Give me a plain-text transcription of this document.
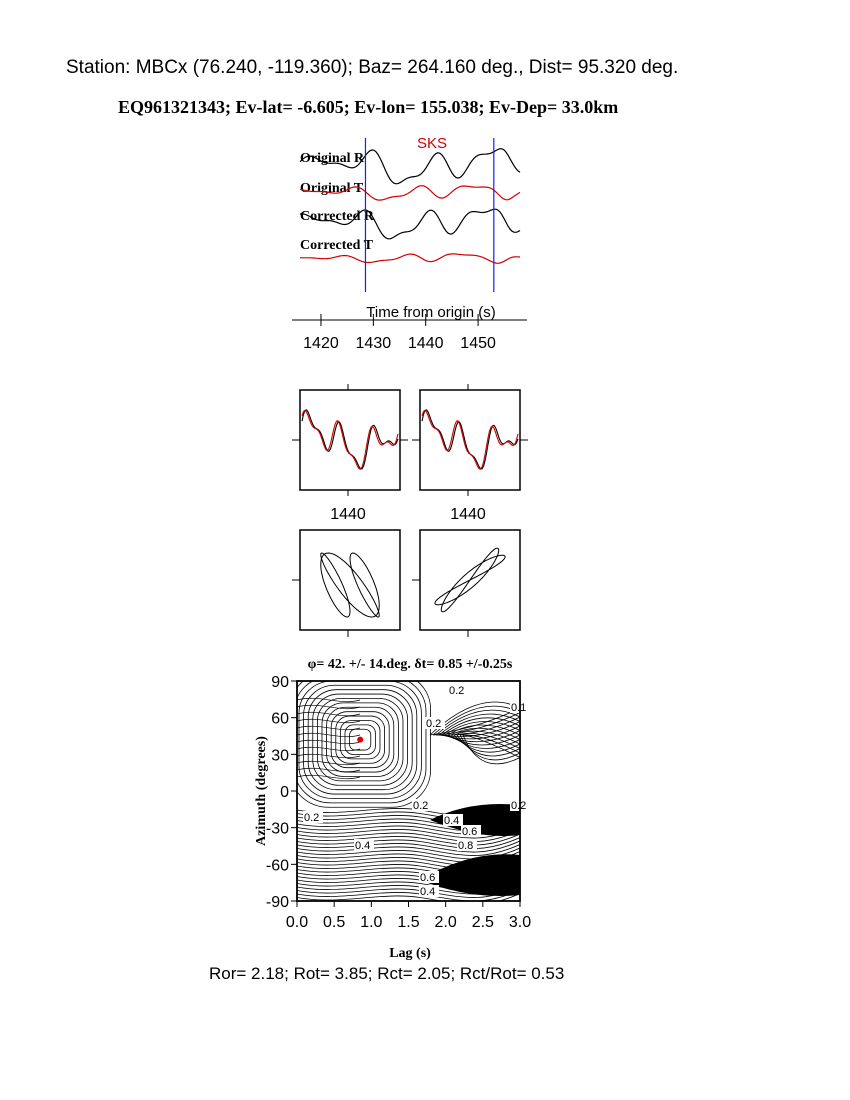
Station: MBCx (76.240, -119.360); Baz= 264.160 deg., Dist= 95.320 deg.
EQ961321343; Ev-lat= -6.605; Ev-lon= 155.038; Ev-Dep= 33.0km
Ror= 2.18; Rot= 3.85; Rct= 2.05; Rct/Rot= 0.53
SKS
Original R
Original T
Corrected R
Corrected T
Time from origin (s)
1420 1430 1440 1450
1440	1440
φ= 42. +/- 14.deg. δt= 0.85 +/-0.25s
0.2
0.2
0.2
0.2
0.2
0.4
0.6
0.8
0.4
0.6
0.4
0.1
0.0 0.5 1.0 1.5 2.0 2.5 3.0
90
60
30
0
-30
-60
-90
Lag (s)
Azimuth (degrees)
